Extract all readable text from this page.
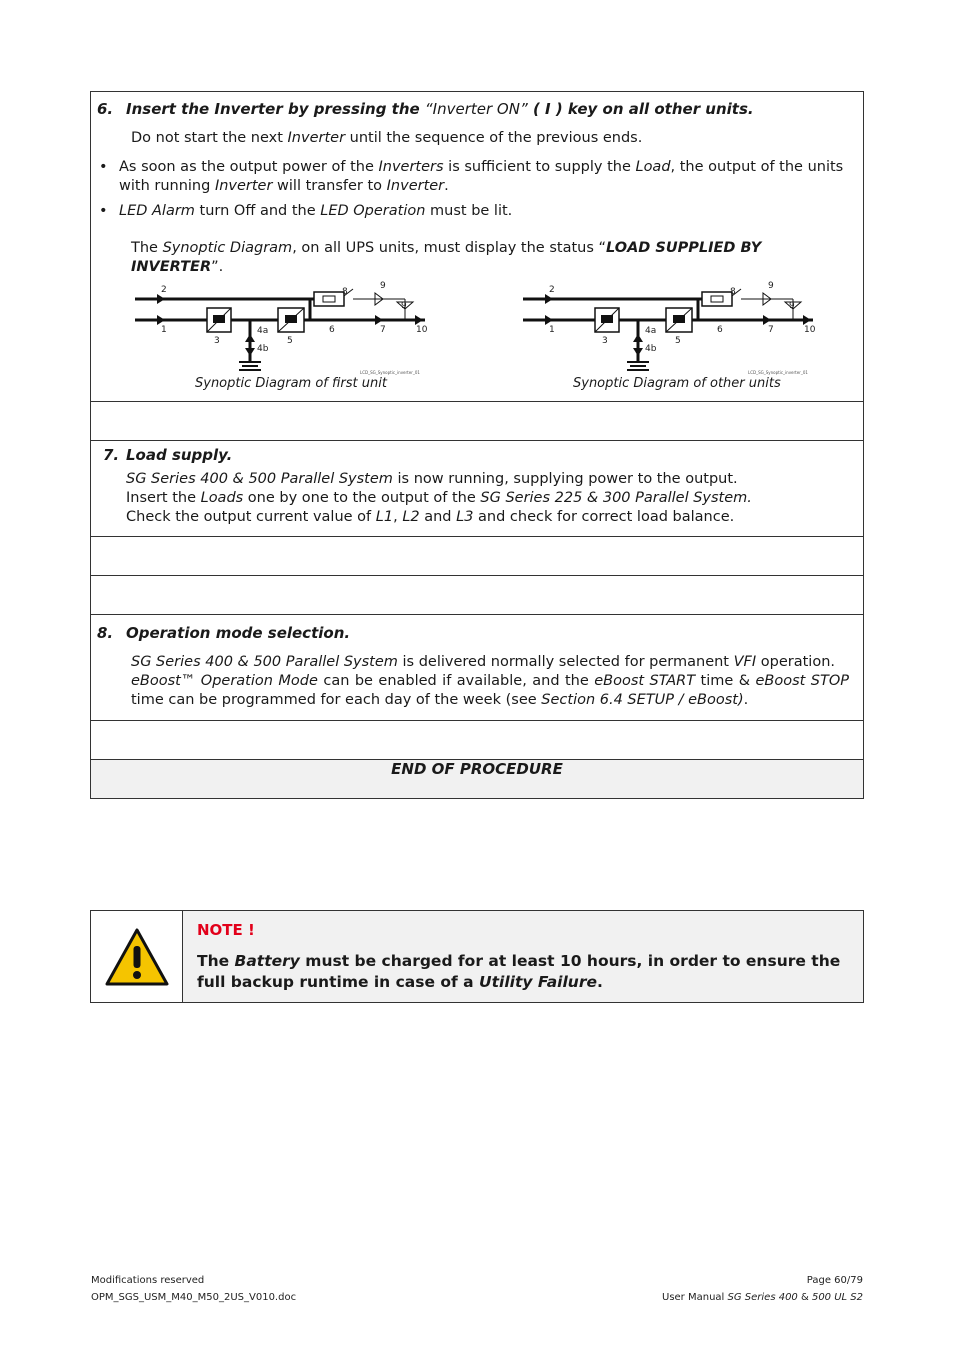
6. Insert the Inverter by pressing the “Inverter ON” ( I ) key on all other units.
Do not start the next Inverter until the sequence of the previous ends.
• As soon as the output power of the Inverters is sufficient to supply the Load, the output of the units with running Inverter will transfer to Inverter.
• LED Alarm turn Off and the LED Operation must be lit.
The Synoptic Diagram, on all UPS units, must display the status “LOAD SUPPLIED BY INVERTER”.
2
1
3
4a
4b
5
6	7
8
9
9
10
LCD_SG_Synoptic_inverter_01
Synoptic Diagram of first unit
2
1
3
4a
4b
5
6	7
8
9
9
10
LCD_SG_Synoptic_inverter_01
Synoptic Diagram of other units

7. Load supply.
SG Series 400 & 500 Parallel System is now running, supplying power to the output.
Insert the Loads one by one to the output of the SG Series 225 & 300 Parallel System.
Check the output current value of L1, L2 and L3 and check for correct load balance.

8. Operation mode selection.
SG Series 400 & 500 Parallel System is delivered normally selected for permanent VFI operation.
eBoost™ Operation Mode can be enabled if available, and the eBoost START time & eBoost STOP time can be programmed for each day of the week (see Section 6.4 SETUP / eBoost).

END OF PROCEDURE
NOTE !
The Battery must be charged for at least 10 hours, in order to ensure the full backup runtime in case of a Utility Failure.
Modifications reserved
OPM_SGS_USM_M40_M50_2US_V010.doc
Page 60/79
User Manual SG Series 400 & 500 UL S2
